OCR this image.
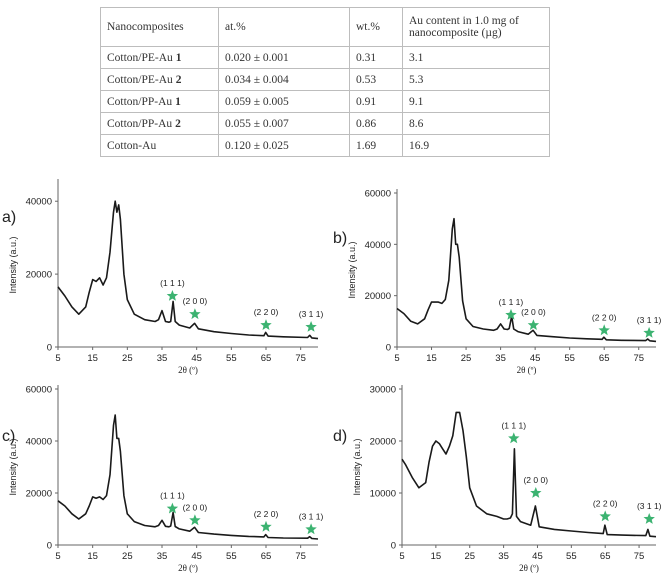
Nanocomposites	at.%	wt.%	Au content in 1.0 mg of nanocomposite (µg)
Cotton/PE-Au 1	0.020 ± 0.001	0.31	3.1
Cotton/PE-Au 2	0.034 ± 0.004	0.53	5.3
Cotton/PP-Au 1	0.059 ± 0.005	0.91	9.1
Cotton/PP-Au 2	0.055 ± 0.007	0.86	8.6
Cotton-Au	0.120 ± 0.025	1.69	16.9
a)
0
20000
40000
5	15	25	35	45	55	65	75
2θ (º)
Intensity (a.u.)	(1 1 1)
(2 0 0)
(2 2 0) (3 1 1)
b)
0
20000
40000
60000
5	15	25	35	45	55	65	75
2θ (º)
Intensity (a.u.)
(1 1 1)
(2 0 0)
(2 2 0) (3 1 1)
c)
0
20000
40000
60000
5	15	25	35	45	55	65	75
2θ (º)
Intensity (a.u.)
(1 1 1)
(2 0 0)
(2 2 0) (3 1 1)
d)
0
10000
20000
30000
5	15 25 35 45 55 65 75
2θ (º)
Intensity (a.u.)
(1 1 1)
(2 0 0)
(2 2 0) (3 1 1)
